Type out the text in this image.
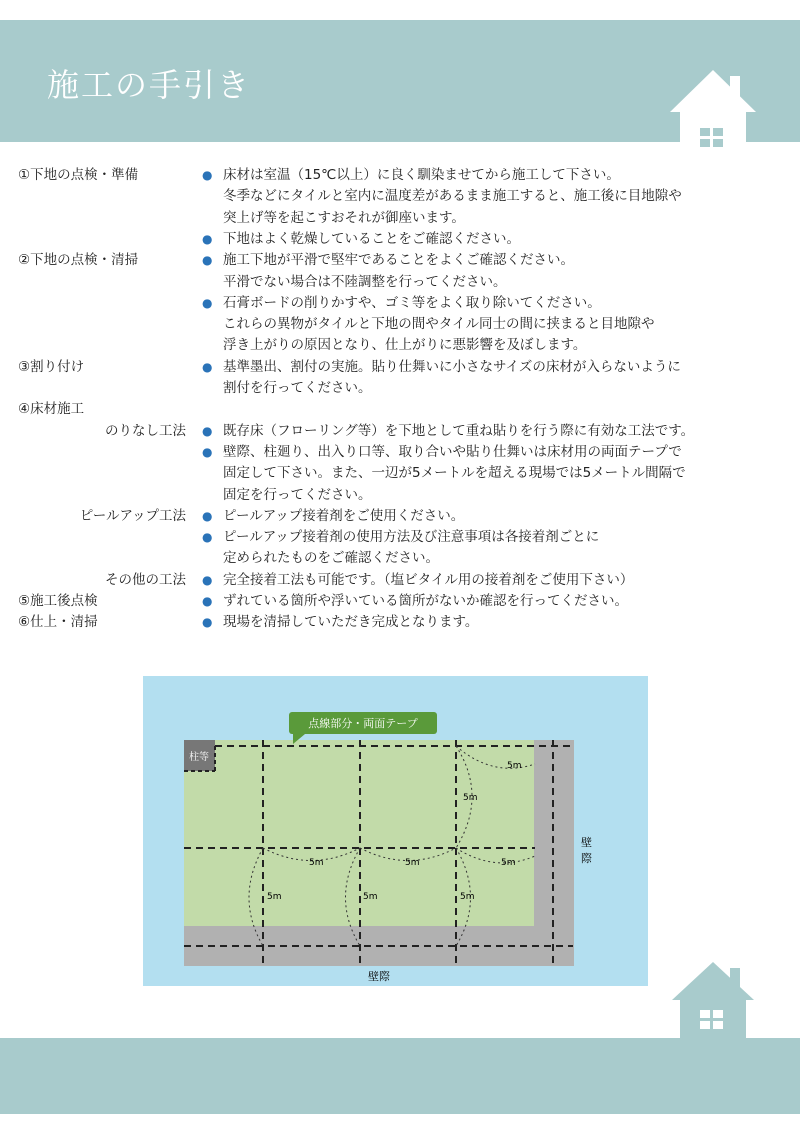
施工の手引き
①下地の点検・準備	● 床材は室温（15℃以上）に良く馴染ませてから施工して下さい。
冬季などにタイルと室内に温度差があるまま施工すると、施工後に目地隙や
突上げ等を起こすおそれが御座います。
● 下地はよく乾燥していることをご確認ください。
②下地の点検・清掃	● 施工下地が平滑で堅牢であることをよくご確認ください。
平滑でない場合は不陸調整を行ってください。
● 石膏ボードの削りかすや、ゴミ等をよく取り除いてください。
これらの異物がタイルと下地の間やタイル同士の間に挟まると目地隙や
浮き上がりの原因となり、仕上がりに悪影響を及ぼします。
③割り付け	● 基準墨出、割付の実施。貼り仕舞いに小さなサイズの床材が入らないように
割付を行ってください。
④床材施工
のりなし工法 ● 既存床（フローリング等）を下地として重ね貼りを行う際に有効な工法です。
● 壁際、柱廻り、出入り口等、取り合いや貼り仕舞いは床材用の両面テープで
固定して下さい。また、一辺が5メートルを超える現場では5メートル間隔で
固定を行ってください。
ピールアップ工法 ● ピールアップ接着剤をご使用ください。
● ピールアップ接着剤の使用方法及び注意事項は各接着剤ごとに
定められたものをご確認ください。
その他の工法 ● 完全接着工法も可能です。（塩ビタイル用の接着剤をご使用下さい）
⑤施工後点検	● ずれている箇所や浮いている箇所がないか確認を行ってください。
⑥仕上・清掃	● 現場を清掃していただき完成となります。
柱等
5m
5m
5m	5m	5m
5m	5m	5m
点線部分・両面テープ
壁際
壁際
